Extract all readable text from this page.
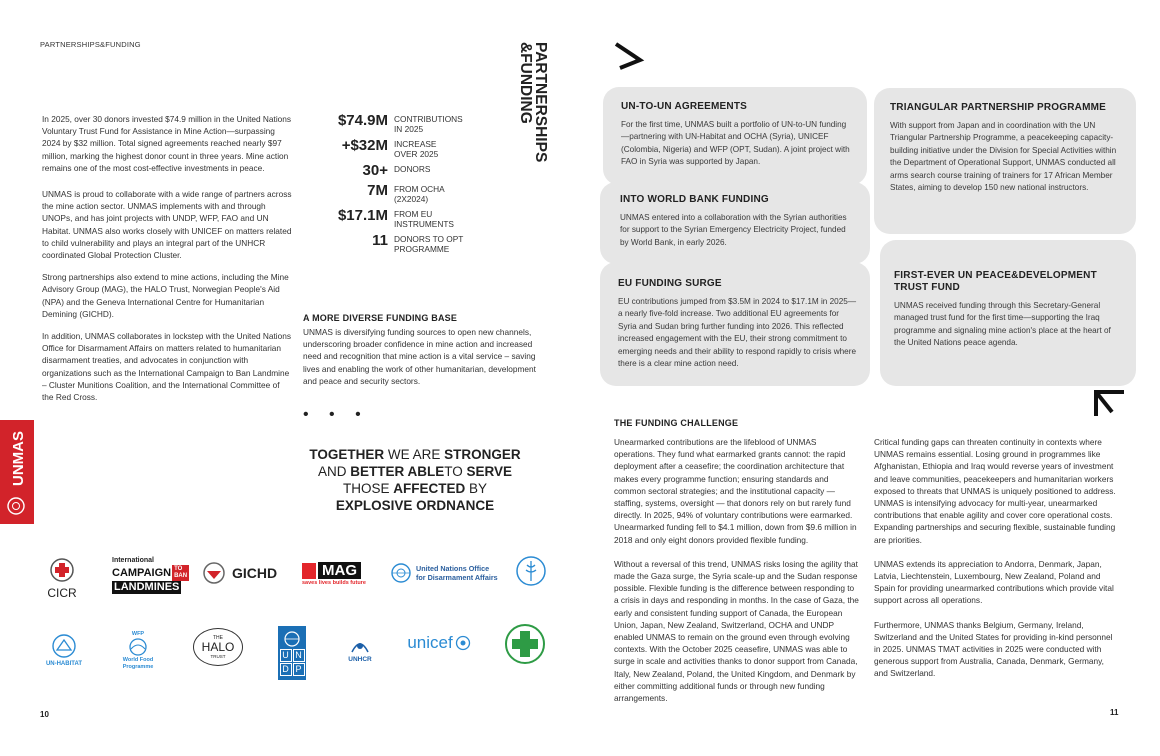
PARTNERSHIPS&FUNDING

In 2025, over 30 donors invested $74.9 million in the United Nations Voluntary Trust Fund for Assistance in Mine Action—surpassing 2024 by $32 million. Total signed agreements reached nearly $97 million, marking the highest donor count in three years. Mine action remains one of the most cost-effective investments in peace.

UNMAS is proud to collaborate with a wide range of partners across the mine action sector. UNMAS implements with and through UNOPs, and has joint projects with UNDP, WFP, FAO and UN Habitat. UNMAS also works closely with UNICEF on matters related to child vulnerability and plays an integral part of the UNHCR coordinated Global Protection Cluster.

Strong partnerships also extend to mine actions, including the Mine Advisory Group (MAG), the HALO Trust, Norwegian People's Aid (NPA) and the Geneva International Centre for Humanitarian Demining (GICHD).

In addition, UNMAS collaborates in lockstep with the United Nations Office for Disarmament Affairs on matters related to humanitarian disarmament treaties, and advocates in conjunction with organizations such as the International Campaign to Ban Landmine – Cluster Munitions Coalition, and the International Committee of the Red Cross.

$74.9M CONTRIBUTIONS IN 2025
+$32M INCREASE OVER 2025
30+ DONORS
7M FROM OCHA (2X2024)
$17.1M FROM EU INSTRUMENTS
11 DONORS TO OPT PROGRAMME
PARTNERSHIPS
&FUNDING
A MORE DIVERSE FUNDING BASE

UNMAS is diversifying funding sources to open new channels, underscoring broader confidence in mine action and increased need and recognition that mine action is a vital service – saving lives and enabling the work of other humanitarian, development and peace and security sectors.

• • •
TOGETHER WE ARE STRONGER
AND BETTER ABLETO SERVE
THOSE AFFECTED BY
EXPLOSIVE ORDNANCE
UNMAS
CICR
International
CAMPAIGN TO BAN
LANDMINES
GICHD	MAG
saves lives builds future
United Nations Office
for Disarmament Affairs
UN-HABITAT
WFP
World Food
Programme
THE
HALO
TRUST	U N
D P
UNHCR
unicef
10
UN-TO-UN AGREEMENTS

For the first time, UNMAS built a portfolio of UN-to-UN funding—partnering with UN-Habitat and OCHA (Syria), UNICEF (Colombia, Nigeria) and WFP (OPT, Sudan). A joint project with FAO in Syria was supported by Japan.

INTO WORLD BANK FUNDING

UNMAS entered into a collaboration with the Syrian authorities for support to the Syrian Emergency Electricity Project, funded by World Bank, in early 2026.

EU FUNDING SURGE

EU contributions jumped from $3.5M in 2024 to $17.1M in 2025—a nearly five-fold increase. Two additional EU agreements for Syria and Sudan bring further funding into 2026. This reflected increased engagement with the EU, their strong commitment to emerging needs and their ability to respond rapidly to crisis where there is a clear mine action need.

TRIANGULAR PARTNERSHIP PROGRAMME

With support from Japan and in coordination with the UN Triangular Partnership Programme, a peacekeeping capacity-building initiative under the Division for Special Activities within the Department of Operational Support, UNMAS conducted all arms search course training of trainers for 17 African Member States, aiming to develop 150 new national instructors.

FIRST-EVER UN PEACE&DEVELOPMENT TRUST FUND

UNMAS received funding through this Secretary-General managed trust fund for the first time—supporting the Iraq programme and signaling mine action's place at the heart of the United Nations peace agenda.

THE FUNDING CHALLENGE

Unearmarked contributions are the lifeblood of UNMAS operations. They fund what earmarked grants cannot: the rapid deployment after a ceasefire; the coordination architecture that makes every programme function; ensuring standards and common sectoral strategies; and the institutional capacity — staffing, systems, oversight — that donors rely on but rarely fund directly. In 2025, 94% of voluntary contributions were earmarked. Unearmarked funding fell to $4.1 million, down from $9.6 million in 2018 and only eight donors provided flexible funding.

Without a reversal of this trend, UNMAS risks losing the agility that made the Gaza surge, the Syria scale-up and the Sudan response possible. Flexible funding is the difference between responding to a crisis in days and responding in months. In the case of Gaza, the early and consistent funding support of Canada, the European Union, Japan, New Zealand, Switzerland, OCHA and UNDP enabled UNMAS to remain on the ground even through evolving contexts. With the October 2025 ceasefire, UNMAS was able to surge in scale and activities thanks to donor support from Canada, Italy, New Zealand, Poland, the United Kingdom, and Denmark by either committing additional funds or through new funding arrangements.

Critical funding gaps can threaten continuity in contexts where UNMAS remains essential. Losing ground in programmes like Afghanistan, Ethiopia and Iraq would reverse years of investment and leave communities, peacekeepers and humanitarian workers exposed to threats that UNMAS is uniquely positioned to address. UNMAS is intensifying advocacy for multi-year, unearmarked contributions that enable agility and cover core operational costs. Expanding partnerships and securing flexible, sustainable funding are priorities.

UNMAS extends its appreciation to Andorra, Denmark, Japan, Latvia, Liechtenstein, Luxembourg, New Zealand, Poland and Spain for providing unearmarked contributions which provide vital support across all operations.

Furthermore, UNMAS thanks Belgium, Germany, Ireland, Switzerland and the United States for providing in-kind personnel in 2025. UNMAS TMAT activities in 2025 were conducted with generous support from Australia, Canada, Denmark, Germany, and Switzerland.

11
